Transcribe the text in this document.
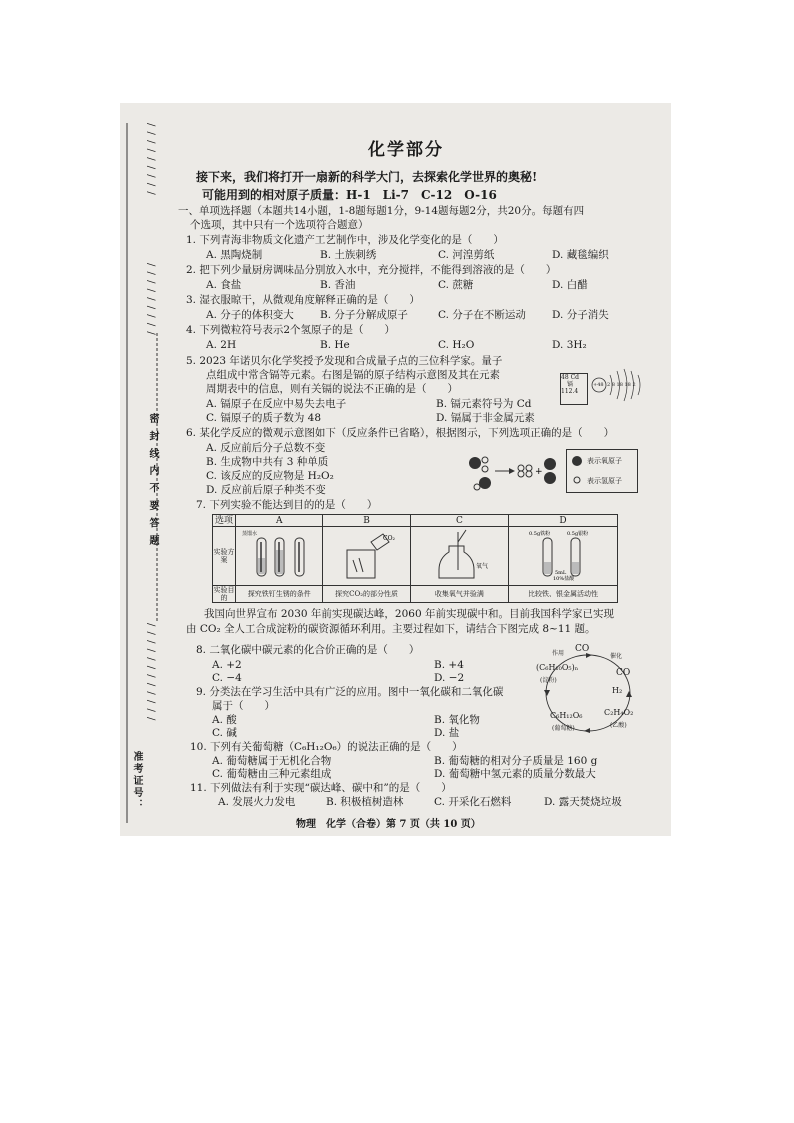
/ / / / / / / / /
密 封 线 内 不 要 答 题
/ / / / / / / / /
/ / / / / / / / / / / /
准考证号：
化学部分
接下来，我们将打开一扇新的科学大门，去探索化学世界的奥秘!
可能用到的相对原子质量：H-1　Li-7　C-12　O-16
一、单项选择题（本题共14小题，1-8题每题1分，9-14题每题2分，共20分。每题有四
个选项，其中只有一个选项符合题意）
1. 下列青海非物质文化遗产工艺制作中，涉及化学变化的是（　　）
A. 黑陶烧制	B. 土族刺绣	C. 河湟剪纸	D. 藏毯编织
2. 把下列少量厨房调味品分别放入水中，充分搅拌，不能得到溶液的是（　　）
A. 食盐	B. 香油	C. 蔗糖	D. 白醋
3. 湿衣服晾干，从微观角度解释正确的是（　　）
A. 分子的体积变大 B. 分子分解成原子	C. 分子在不断运动 D. 分子消失
4. 下列微粒符号表示2个氢原子的是（　　）
A. 2H	B. He	C. H₂O	D. 3H₂
5. 2023 年诺贝尔化学奖授予发现和合成量子点的三位科学家。量子
点组成中常含镉等元素。右图是镉的原子结构示意图及其在元素
周期表中的信息，则有关镉的说法不正确的是（　　）
A. 镉原子在反应中易失去电子	B. 镉元素符号为 Cd
C. 镉原子的质子数为 48	D. 镉属于非金属元素
48 Cd
镉
112.4
+48 2 8 18 18 2
6. 某化学反应的微观示意图如下（反应条件已省略），根据图示，下列选项正确的是（　　）
A. 反应前后分子总数不变
B. 生成物中共有 3 种单质
C. 该反应的反应物是 H₂O₂
D. 反应前后原子种类不变
+
表示氧原子
表示氢原子
7. 下列实验不能达到目的的是（　　）
选项	A	B	C	D
实验方案	蒸馏水	CO₂	氧气	0.5g铁粉 0.5g银粉
5mL
10%盐酸

实验目的	探究铁钉生锈的条件	探究CO₂的部分性质	收集氧气并验满	比较铁、银金属活动性
我国向世界宣布 2030 年前实现碳达峰，2060 年前实现碳中和。目前我国科学家已实现
由 CO₂ 全人工合成淀粉的碳资源循环利用。主要过程如下，请结合下图完成 8~11 题。
CO
CO
作用	催化
(C₆H₁₀O₅)ₙ
(淀粉)
H₂
C₆H₁₂O₆
(葡萄糖)
C₂H₄O₂
(乙酸)
8. 二氧化碳中碳元素的化合价正确的是（　　）
A. +2	B. +4
C. −4	D. −2
9. 分类法在学习生活中具有广泛的应用。图中一氧化碳和二氧化碳
属于（　　）
A. 酸	B. 氧化物
C. 碱	D. 盐
10. 下列有关葡萄糖（C₆H₁₂O₆）的说法正确的是（　　）
A. 葡萄糖属于无机化合物	B. 葡萄糖的相对分子质量是 160 g
C. 葡萄糖由三种元素组成	D. 葡萄糖中氢元素的质量分数最大
11. 下列做法有利于实现“碳达峰、碳中和”的是（　　）
A. 发展火力发电	B. 积极植树造林	C. 开采化石燃料	D. 露天焚烧垃圾
物理　化学（合卷）第 7 页（共 10 页）
